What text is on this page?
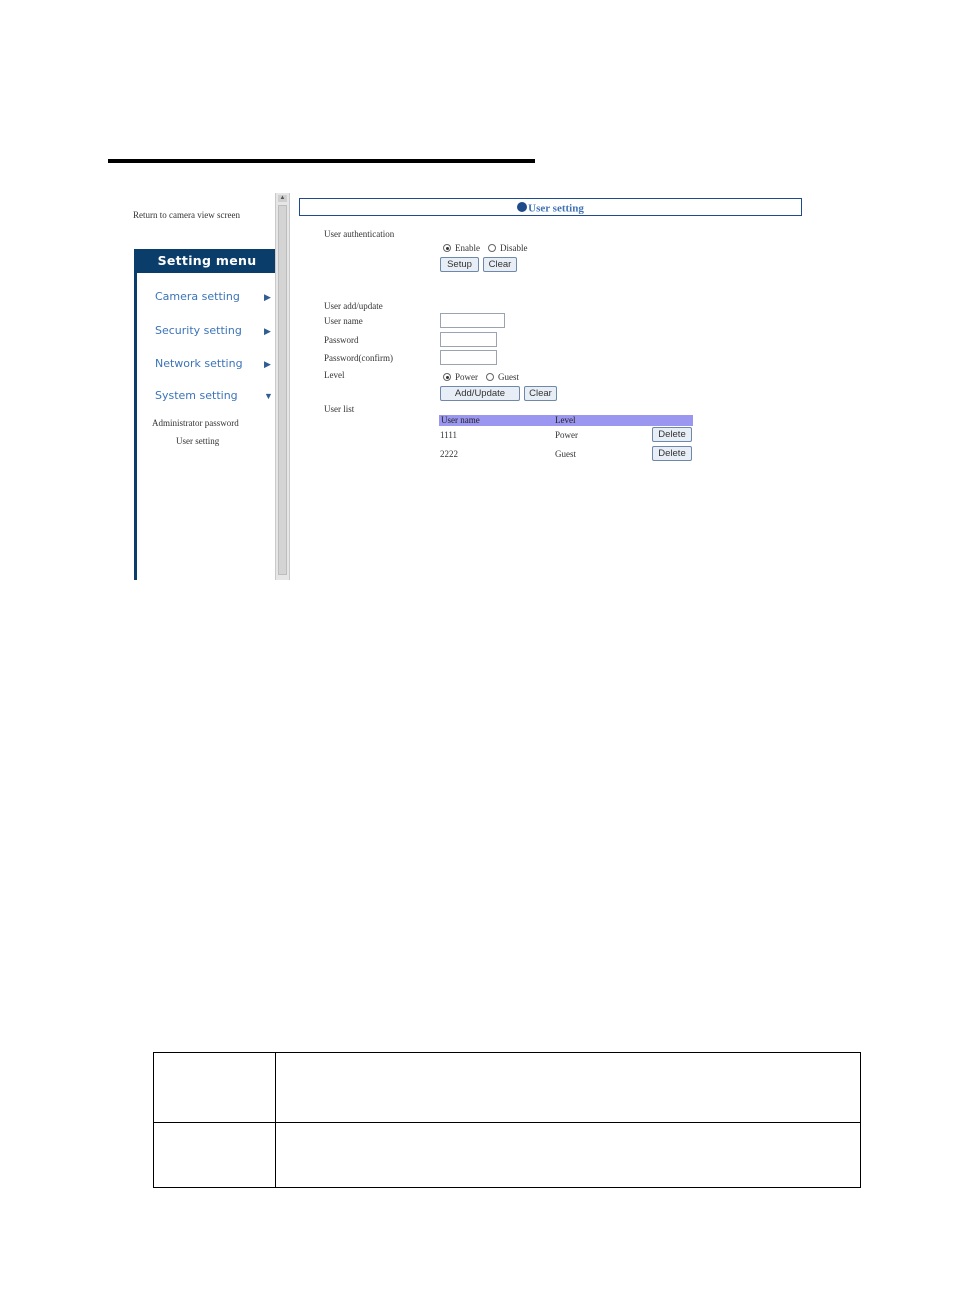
Return to camera view screen
Setting menu
Camera setting	▶
Security setting ▶
Network setting ▶
System setting	▼
Administrator password
User setting
▲
User setting
User authentication
Enable Disable
Setup	Clear
User add/update
User name
Password
Password(confirm)
Level	Power Guest
Add/Update	Clear
User list
User name	Level
1111	Power	Delete
2222	Guest	Delete
